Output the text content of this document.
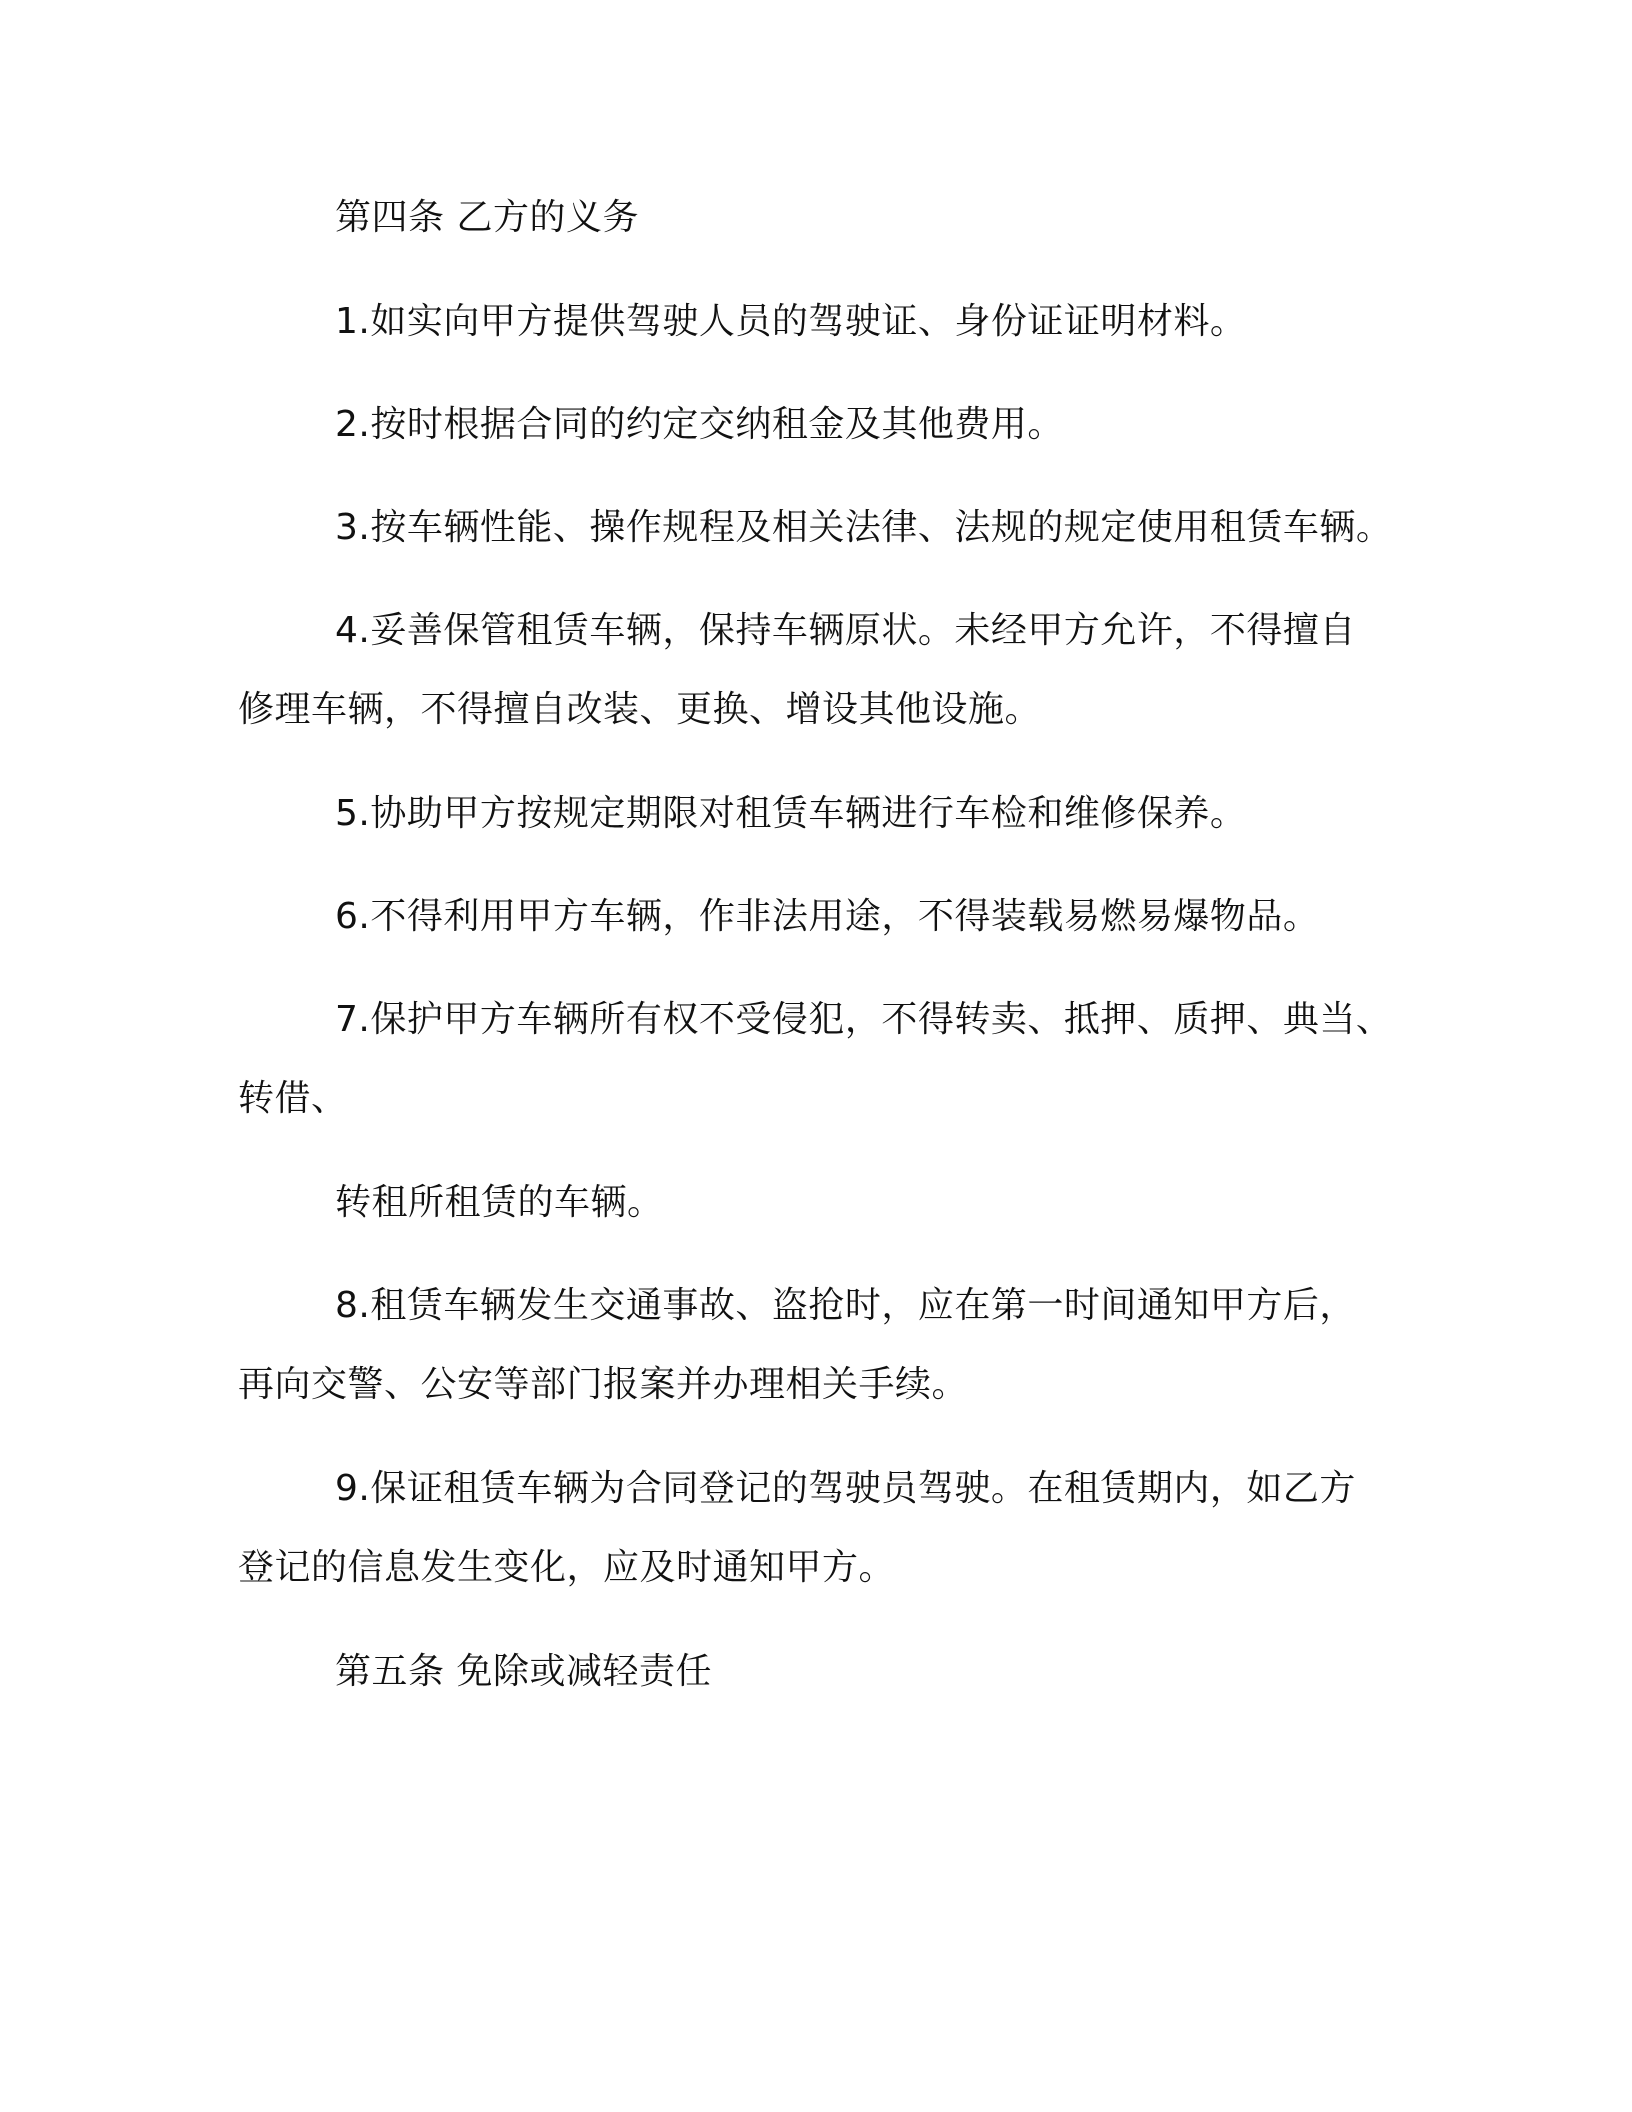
第四条 乙方的义务

1.如实向甲方提供驾驶人员的驾驶证、身份证证明材料。

2.按时根据合同的约定交纳租金及其他费用。

3.按车辆性能、操作规程及相关法律、法规的规定使用租赁车辆。

4.妥善保管租赁车辆，保持车辆原状。未经甲方允许，不得擅自
修理车辆，不得擅自改装、更换、增设其他设施。

5.协助甲方按规定期限对租赁车辆进行车检和维修保养。

6.不得利用甲方车辆，作非法用途，不得装载易燃易爆物品。

7.保护甲方车辆所有权不受侵犯，不得转卖、抵押、质押、典当、
转借、

转租所租赁的车辆。

8.租赁车辆发生交通事故、盗抢时，应在第一时间通知甲方后，
再向交警、公安等部门报案并办理相关手续。

9.保证租赁车辆为合同登记的驾驶员驾驶。在租赁期内，如乙方
登记的信息发生变化，应及时通知甲方。

第五条 免除或减轻责任
